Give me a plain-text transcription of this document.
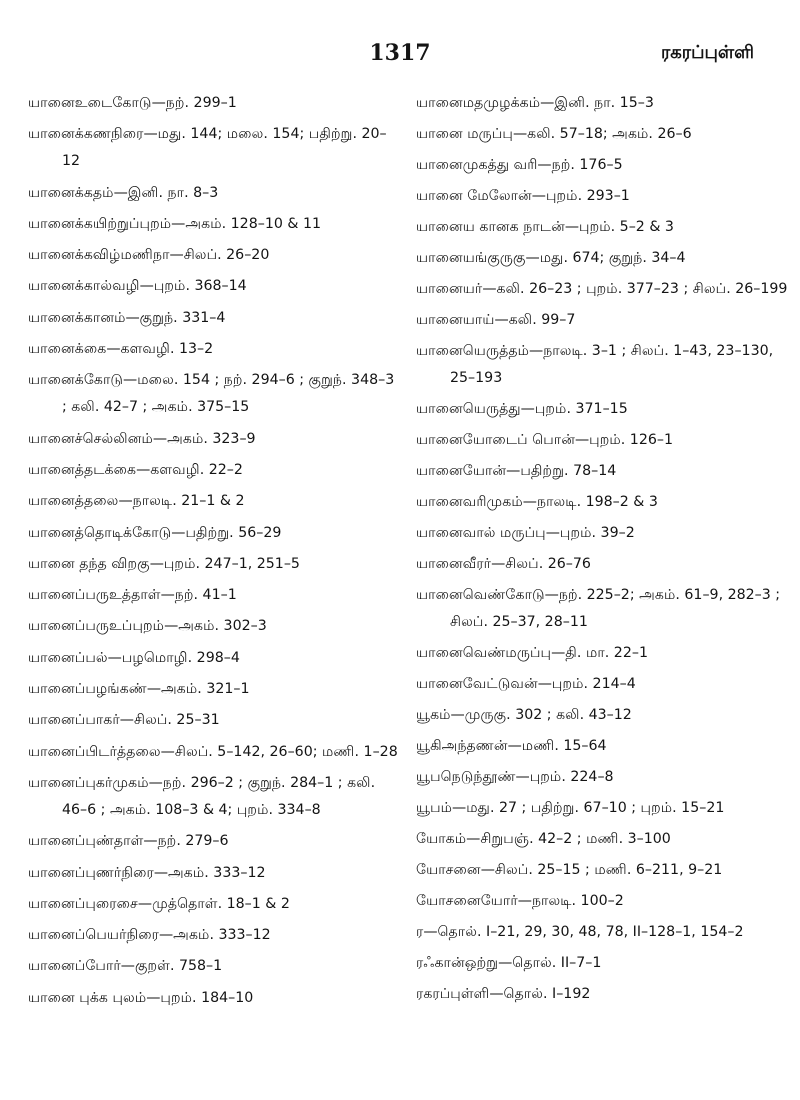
1317	ரகரப்புள்ளி
யானைஉடைகோடு—நற். 299–1
யானைக்கணநிரை—மது. 144; மலை. 154; பதிற்று. 20–12
யானைக்கதம்—இனி. நா. 8–3
யானைக்கயிற்றுப்புறம்—அகம். 128–10 & 11
யானைக்கவிழ்மணிநா—சிலப். 26–20
யானைக்கால்வழி—புறம். 368–14
யானைக்கானம்—குறுந். 331–4
யானைக்கை—களவழி. 13–2
யானைக்கோடு—மலை. 154 ; நற். 294–6 ; குறுந். 348–3 ; கலி. 42–7 ; அகம். 375–15
யானைச்செல்லினம்—அகம். 323–9
யானைத்தடக்கை—களவழி. 22–2
யானைத்தலை—நாலடி. 21–1 & 2
யானைத்தொடிக்கோடு—பதிற்று. 56–29
யானை தந்த விறகு—புறம். 247–1, 251–5
யானைப்பருஉத்தாள்—நற். 41–1
யானைப்பருஉப்புறம்—அகம். 302–3
யானைப்பல்—பழமொழி. 298–4
யானைப்பழங்கண்—அகம். 321–1
யானைப்பாகர்—சிலப். 25–31
யானைப்பிடர்த்தலை—சிலப். 5–142, 26–60; மணி. 1–28
யானைப்புகர்முகம்—நற். 296–2 ; குறுந். 284–1 ; கலி. 46–6 ; அகம். 108–3 & 4; புறம். 334–8
யானைப்புண்தாள்—நற். 279–6
யானைப்புணர்நிரை—அகம். 333–12
யானைப்புரைசை—முத்தொள். 18–1 & 2
யானைப்பெயர்நிரை—அகம். 333–12
யானைப்போர்—குறள். 758–1
யானை புக்க புலம்—புறம். 184–10
யானைமதமுழக்கம்—இனி. நா. 15–3
யானை மருப்பு—கலி. 57–18; அகம். 26–6
யானைமுகத்து வரி—நற். 176–5
யானை மேலோன்—புறம். 293–1
யானைய கானக நாடன்—புறம். 5–2 & 3
யானையங்குருகு—மது. 674; குறுந். 34–4
யானையர்—கலி. 26–23 ; புறம். 377–23 ; சிலப். 26–199
யானையாய்—கலி. 99–7
யானையெருத்தம்—நாலடி. 3–1 ; சிலப். 1–43, 23–130, 25–193
யானையெருத்து—புறம். 371–15
யானையோடைப் பொன்—புறம். 126–1
யானையோன்—பதிற்று. 78–14
யானைவரிமுகம்—நாலடி. 198–2 & 3
யானைவால் மருப்பு—புறம். 39–2
யானைவீரர்—சிலப். 26–76
யானைவெண்கோடு—நற். 225–2; அகம். 61–9, 282–3 ; சிலப். 25–37, 28–11
யானைவெண்மருப்பு—தி. மா. 22–1
யானைவேட்டுவன்—புறம். 214–4
யூகம்—முருகு. 302 ; கலி. 43–12
யூகிஅந்தணன்—மணி. 15–64
யூபநெடுந்தூண்—புறம். 224–8
யூபம்—மது. 27 ; பதிற்று. 67–10 ; புறம். 15–21
யோகம்—சிறுபஞ். 42–2 ; மணி. 3–100
யோசனை—சிலப். 25–15 ; மணி. 6–211, 9–21
யோசனையோர்—நாலடி. 100–2
ர—தொல். I–21, 29, 30, 48, 78, II–128–1, 154–2
ரஃகான்ஒற்று—தொல். II–7–1
ரகரப்புள்ளி—தொல். I–192
